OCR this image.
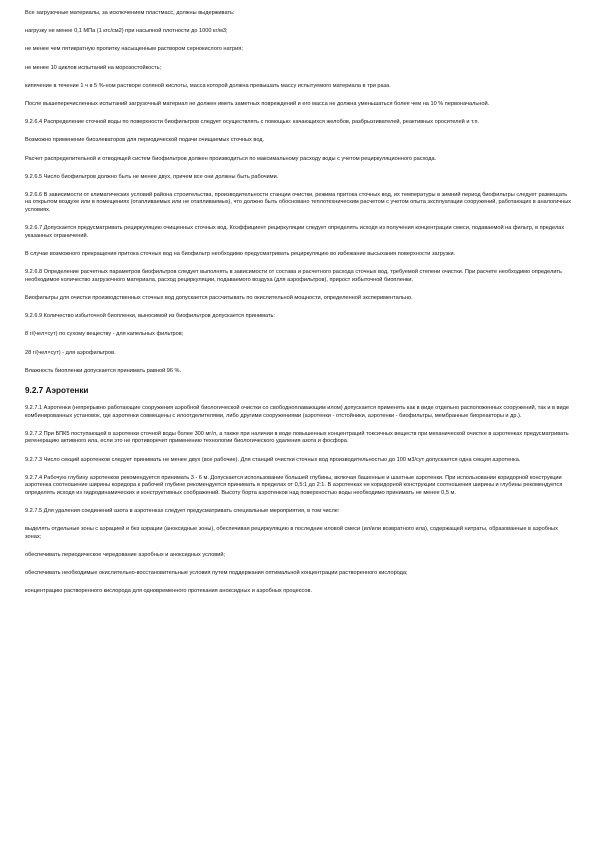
Все загрузочные материалы, за исключением пластмасс, должны выдерживать:

нагрузку не менее 0,1 МПа (1 кгс/см2) при насыпной плотности до 1000 кг/м3;

не менее чем пятикратную пропитку насыщенным раствором сернокислого натрия;

не менее 10 циклов испытаний на морозостойкость;

кипячение в течение 1 ч в 5 %-ном растворе соляной кислоты, масса которой должна превышать массу испытуемого материала в три раза.

После вышеперечисленных испытаний загрузочный материал не должен иметь заметных повреждений и его масса не должна уменьшаться более чем на 10 % первоначальной.

9.2.6.4 Распределение сточной воды по поверхности биофильтров следует осуществлять с помощью: качающихся желобов, разбрызгивателей, реактивных оросителей и т.п.

Возможно применение биоэлеваторов для периодической подачи очищаемых сточных вод.

Расчет распределительной и отводящей систем биофильтров должен производиться по максимальному расходу воды с учетом рециркуляционного расхода.

9.2.6.5 Число биофильтров должно быть не менее двух, причем все они должны быть рабочими.

9.2.6.6 В зависимости от климатических условий района строительства, производительности станции очистки, режима притока сточных вод, их температуры в зимний период биофильтры следует размещать на открытом воздухе или в помещениях (отапливаемых или не отапливаемых), что должно быть обосновано теплотехническим расчетом с учетом опыта эксплуатации сооружений, работающих в аналогичных условиях.

9.2.6.7 Допускается предусматривать рециркуляцию очищенных сточных вод. Коэффициент рециркуляции следует определять исходя из получения концентрации смеси, подаваемой на фильтр, в пределах указанных ограничений.

В случае возможного прекращения притока сточных вод на биофильтр необходимо предусматривать рециркуляцию во избежание высыхания поверхности загрузки.

9.2.6.8 Определение расчетных параметров биофильтров следует выполнять в зависимости от состава и расчетного расхода сточных вод, требуемой степени очистки. При расчете необходимо определить необходимое количество загрузочного материала, расход рециркуляции, подаваемого воздуха (для аэрофильтров), прирост избыточной биопленки.

Биофильтры для очистки производственных сточных вод допускается рассчитывать по окислительной мощности, определенной экспериментально.

9.2.6.9 Количество избыточной биопленки, выносимой из биофильтров допускается принимать:

8 г/(чел×сут) по сухому веществу - для капельных фильтров;

28 г/(чел×сут) - для аэрофильтров.

Влажность биопленки допускается принимать равной 96 %.

9.2.7 Аэротенки

9.2.7.1 Аэротенки (непрерывно работающие сооружения аэробной биологической очистки со свободноплавающим илом) допускается применять как в виде отдельно расположенных сооружений, так и в виде комбинированных установок, где аэротенки совмещены с илоотделителями, либо другими сооружениями (аэротенки - отстойники, аэротенки - биофильтры, мембранные биореакторы и др.).

9.2.7.2 При БПК5 поступающей в аэротенки сточной воды более 300 мг/л, а также при наличии в воде повышенных концентраций токсичных веществ при механической очистке в аэротенках предусматривать регенерацию активного ила, если это не противоречит применению технологии биологического удаления азота и фосфора.

9.2.7.3 Число секций аэротенков следует принимать не менее двух (все рабочие). Для станций очистки сточных вод производительностью до 100 м3/сут допускается одна секция аэротенка.

9.2.7.4 Рабочую глубину аэротенков рекомендуется принимать 3 - 6 м. Допускается использование большей глубины, включая башенные и шахтные аэротенки. При использовании коридорной конструкции аэротенка соотношение ширины коридора к рабочей глубине рекомендуется принимать в пределах от 0,5:1 до 2:1. В аэротенках не коридорной конструкции соотношения ширины и глубины рекомендуется определять исходя из гидродинамических и конструктивных соображений. Высоту борта аэротенков над поверхностью воды необходимо принимать не менее 0,5 м.

9.2.7.5 Для удаления соединений азота в аэротенках следует предусматривать специальные мероприятия, в том числе:

выделять отдельные зоны с аэрацией и без аэрации (аноксидные зоны), обеспечивая рециркуляцию в последние иловой смеси (ил/или возвратного ила), содержащей нитраты, образованные в аэробных зонах;

обеспечивать периодическое чередование аэробных и аноксидных условий;

обеспечивать необходимые окислительно-восстановительные условия путем поддержания оптимальной концентрации растворенного кислорода;

концентрацию растворенного кислорода для одновременного протекания аноксидных и аэробных процессов.
